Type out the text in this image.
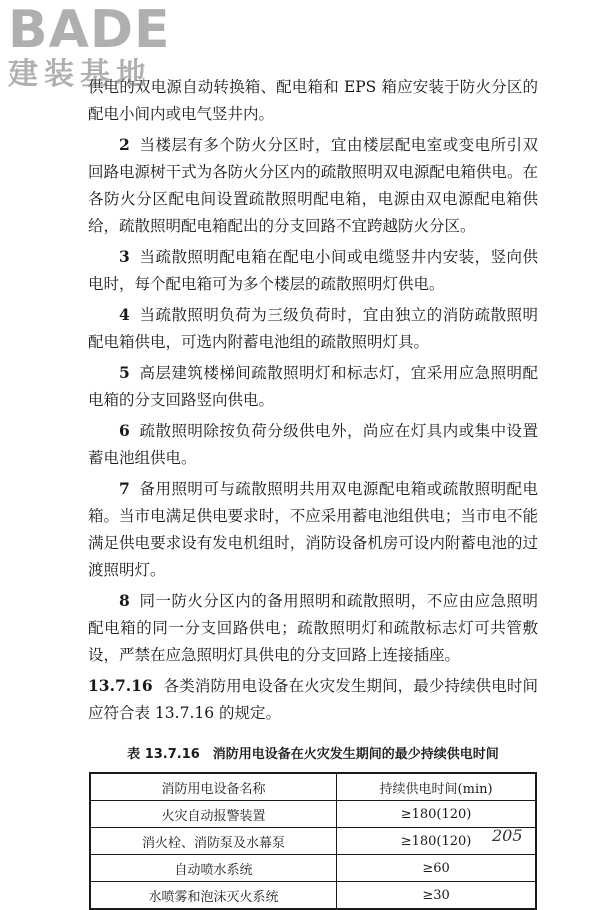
BADE
建装基地

供电的双电源自动转换箱、配电箱和 EPS 箱应安装于防火分区的配电小间内或电气竖井内。

2 当楼层有多个防火分区时，宜由楼层配电室或变电所引双回路电源树干式为各防火分区内的疏散照明双电源配电箱供电。在各防火分区配电间设置疏散照明配电箱，电源由双电源配电箱供给，疏散照明配电箱配出的分支回路不宜跨越防火分区。

3 当疏散照明配电箱在配电小间或电缆竖井内安装，竖向供电时，每个配电箱可为多个楼层的疏散照明灯供电。

4 当疏散照明负荷为三级负荷时，宜由独立的消防疏散照明配电箱供电，可选内附蓄电池组的疏散照明灯具。

5 高层建筑楼梯间疏散照明灯和标志灯，宜采用应急照明配电箱的分支回路竖向供电。

6 疏散照明除按负荷分级供电外，尚应在灯具内或集中设置蓄电池组供电。

7 备用照明可与疏散照明共用双电源配电箱或疏散照明配电箱。当市电满足供电要求时，不应采用蓄电池组供电；当市电不能满足供电要求设有发电机组时，消防设备机房可设内附蓄电池的过渡照明灯。

8 同一防火分区内的备用照明和疏散照明，不应由应急照明配电箱的同一分支回路供电；疏散照明灯和疏散标志灯可共管敷设，严禁在应急照明灯具供电的分支回路上连接插座。

13.7.16 各类消防用电设备在火灾发生期间，最少持续供电时间应符合表 13.7.16 的规定。

表 13.7.16　消防用电设备在火灾发生期间的最少持续供电时间
消防用电设备名称	持续供电时间(min)
火灾自动报警装置	≥180(120)
消火栓、消防泵及水幕泵	≥180(120)
自动喷水系统	≥60
水喷雾和泡沫灭火系统	≥30
205
